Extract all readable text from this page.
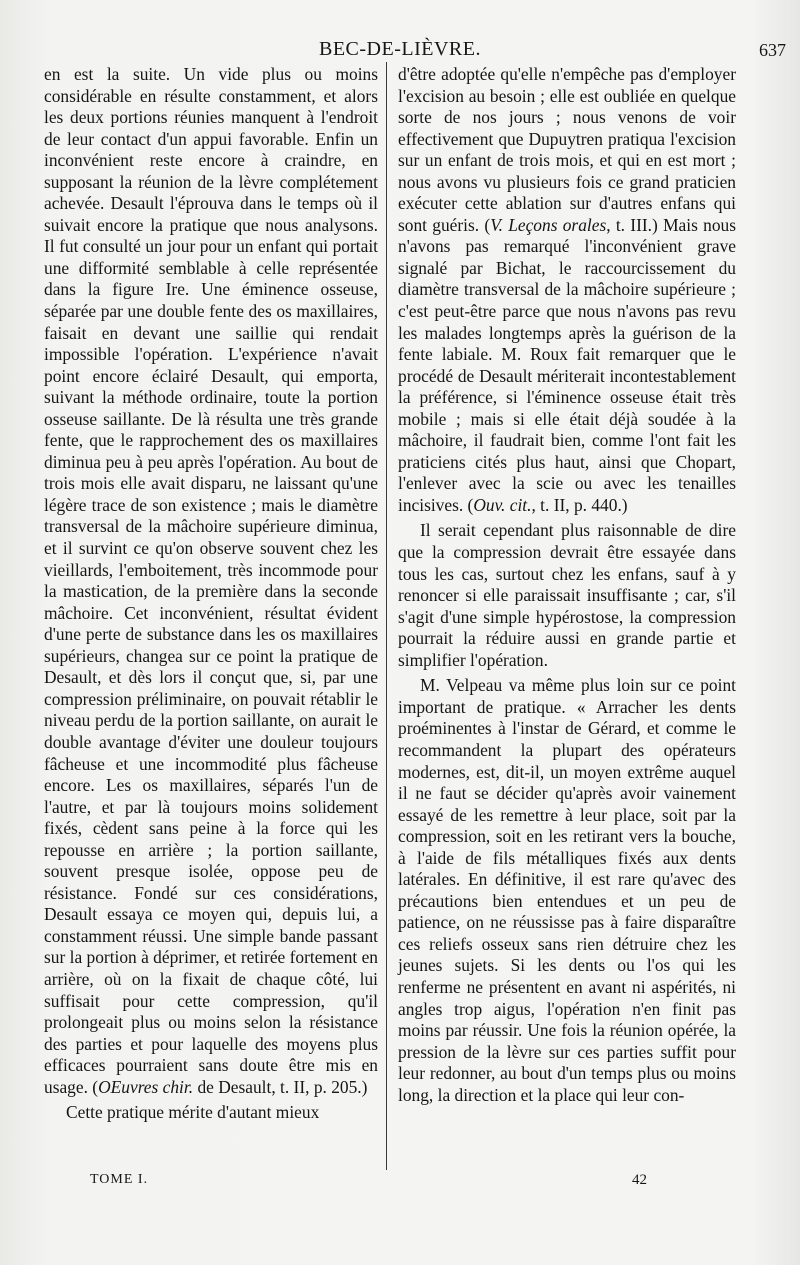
BEC-DE-LIÈVRE.	637

en est la suite. Un vide plus ou moins considérable en résulte constamment, et alors les deux portions réunies manquent à l'endroit de leur contact d'un appui favorable. Enfin un inconvénient reste encore à craindre, en supposant la réunion de la lèvre complétement achevée. Desault l'éprouva dans le temps où il suivait encore la pratique que nous analysons. Il fut consulté un jour pour un enfant qui portait une difformité semblable à celle représentée dans la figure Ire. Une éminence osseuse, séparée par une double fente des os maxillaires, faisait en devant une saillie qui rendait impossible l'opération. L'expérience n'avait point encore éclairé Desault, qui emporta, suivant la méthode ordinaire, toute la portion osseuse saillante. De là résulta une très grande fente, que le rapprochement des os maxillaires diminua peu à peu après l'opération. Au bout de trois mois elle avait disparu, ne laissant qu'une légère trace de son existence ; mais le diamètre transversal de la mâchoire supérieure diminua, et il survint ce qu'on observe souvent chez les vieillards, l'emboitement, très incommode pour la mastication, de la première dans la seconde mâchoire. Cet inconvénient, résultat évident d'une perte de substance dans les os maxillaires supérieurs, changea sur ce point la pratique de Desault, et dès lors il conçut que, si, par une compression préliminaire, on pouvait rétablir le niveau perdu de la portion saillante, on aurait le double avantage d'éviter une douleur toujours fâcheuse et une incommodité plus fâcheuse encore. Les os maxillaires, séparés l'un de l'autre, et par là toujours moins solidement fixés, cèdent sans peine à la force qui les repousse en arrière ; la portion saillante, souvent presque isolée, oppose peu de résistance. Fondé sur ces considérations, Desault essaya ce moyen qui, depuis lui, a constamment réussi. Une simple bande passant sur la portion à déprimer, et retirée fortement en arrière, où on la fixait de chaque côté, lui suffisait pour cette compression, qu'il prolongeait plus ou moins selon la résistance des parties et pour laquelle des moyens plus efficaces pourraient sans doute être mis en usage. (OEuvres chir. de Desault, t. II, p. 205.)

Cette pratique mérite d'autant mieux

d'être adoptée qu'elle n'empêche pas d'employer l'excision au besoin ; elle est oubliée en quelque sorte de nos jours ; nous venons de voir effectivement que Dupuytren pratiqua l'excision sur un enfant de trois mois, et qui en est mort ; nous avons vu plusieurs fois ce grand praticien exécuter cette ablation sur d'autres enfans qui sont guéris. (V. Leçons orales, t. III.) Mais nous n'avons pas remarqué l'inconvénient grave signalé par Bichat, le raccourcissement du diamètre transversal de la mâchoire supérieure ; c'est peut-être parce que nous n'avons pas revu les malades longtemps après la guérison de la fente labiale. M. Roux fait remarquer que le procédé de Desault mériterait incontestablement la préférence, si l'éminence osseuse était très mobile ; mais si elle était déjà soudée à la mâchoire, il faudrait bien, comme l'ont fait les praticiens cités plus haut, ainsi que Chopart, l'enlever avec la scie ou avec les tenailles incisives. (Ouv. cit., t. II, p. 440.)

Il serait cependant plus raisonnable de dire que la compression devrait être essayée dans tous les cas, surtout chez les enfans, sauf à y renoncer si elle paraissait insuffisante ; car, s'il s'agit d'une simple hypérostose, la compression pourrait la réduire aussi en grande partie et simplifier l'opération.

M. Velpeau va même plus loin sur ce point important de pratique. « Arracher les dents proéminentes à l'instar de Gérard, et comme le recommandent la plupart des opérateurs modernes, est, dit-il, un moyen extrême auquel il ne faut se décider qu'après avoir vainement essayé de les remettre à leur place, soit par la compression, soit en les retirant vers la bouche, à l'aide de fils métalliques fixés aux dents latérales. En définitive, il est rare qu'avec des précautions bien entendues et un peu de patience, on ne réussisse pas à faire disparaître ces reliefs osseux sans rien détruire chez les jeunes sujets. Si les dents ou l'os qui les renferme ne présentent en avant ni aspérités, ni angles trop aigus, l'opération n'en finit pas moins par réussir. Une fois la réunion opérée, la pression de la lèvre sur ces parties suffit pour leur redonner, au bout d'un temps plus ou moins long, la direction et la place qui leur con-

TOME I.	42
